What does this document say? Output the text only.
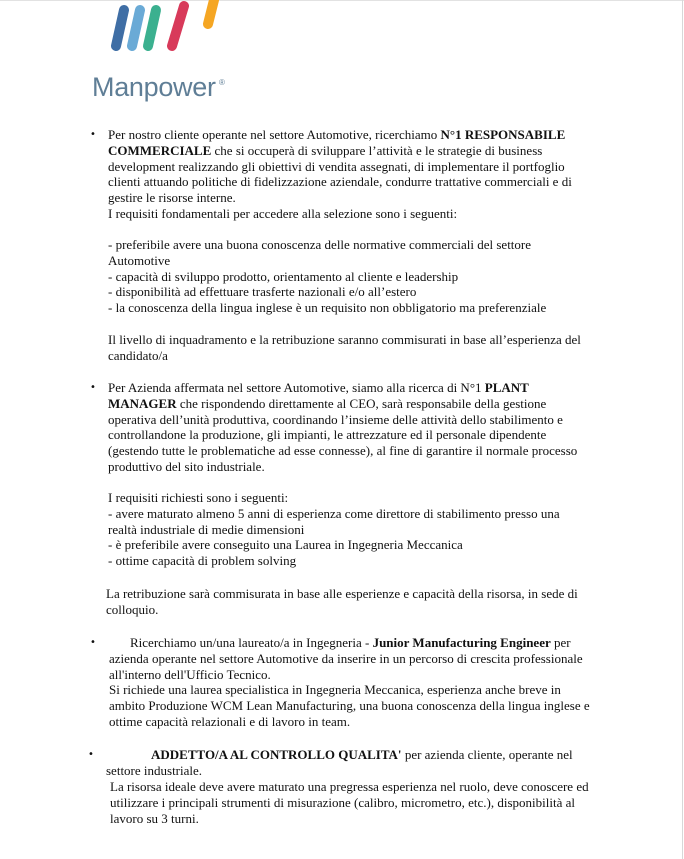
Manpower ®
• Per nostro cliente operante nel settore Automotive, ricerchiamo N°1 RESPONSABILE
COMMERCIALE che si occuperà di sviluppare l’attività e le strategie di business
development realizzando gli obiettivi di vendita assegnati, di implementare il portfoglio
clienti attuando politiche di fidelizzazione aziendale, condurre trattative commerciali e di
gestire le risorse interne.
I requisiti fondamentali per accedere alla selezione sono i seguenti:
- preferibile avere una buona conoscenza delle normative commerciali del settore
Automotive
- capacità di sviluppo prodotto, orientamento al cliente e leadership
- disponibilità ad effettuare trasferte nazionali e/o all’estero
- la conoscenza della lingua inglese è un requisito non obbligatorio ma preferenziale
Il livello di inquadramento e la retribuzione saranno commisurati in base all’esperienza del
candidato/a
• Per Azienda affermata nel settore Automotive, siamo alla ricerca di N°1 PLANT
MANAGER che rispondendo direttamente al CEO, sarà responsabile della gestione
operativa dell’unità produttiva, coordinando l’insieme delle attività dello stabilimento e
controllandone la produzione, gli impianti, le attrezzature ed il personale dipendente
(gestendo tutte le problematiche ad esse connesse), al fine di garantire il normale processo
produttivo del sito industriale.
I requisiti richiesti sono i seguenti:
- avere maturato almeno 5 anni di esperienza come direttore di stabilimento presso una
realtà industriale di medie dimensioni
- è preferibile avere conseguito una Laurea in Ingegneria Meccanica
- ottime capacità di problem solving
La retribuzione sarà commisurata in base alle esperienze e capacità della risorsa, in sede di
colloquio.
•	Ricerchiamo un/una laureato/a in Ingegneria - Junior Manufacturing Engineer per
azienda operante nel settore Automotive da inserire in un percorso di crescita professionale
all'interno dell'Ufficio Tecnico.
Si richiede una laurea specialistica in Ingegneria Meccanica, esperienza anche breve in
ambito Produzione WCM Lean Manufacturing, una buona conoscenza della lingua inglese e
ottime capacità relazionali e di lavoro in team.
•	ADDETTO/A AL CONTROLLO QUALITA' per azienda cliente, operante nel
settore industriale.
La risorsa ideale deve avere maturato una pregressa esperienza nel ruolo, deve conoscere ed
utilizzare i principali strumenti di misurazione (calibro, micrometro, etc.), disponibilità al
lavoro su 3 turni.
